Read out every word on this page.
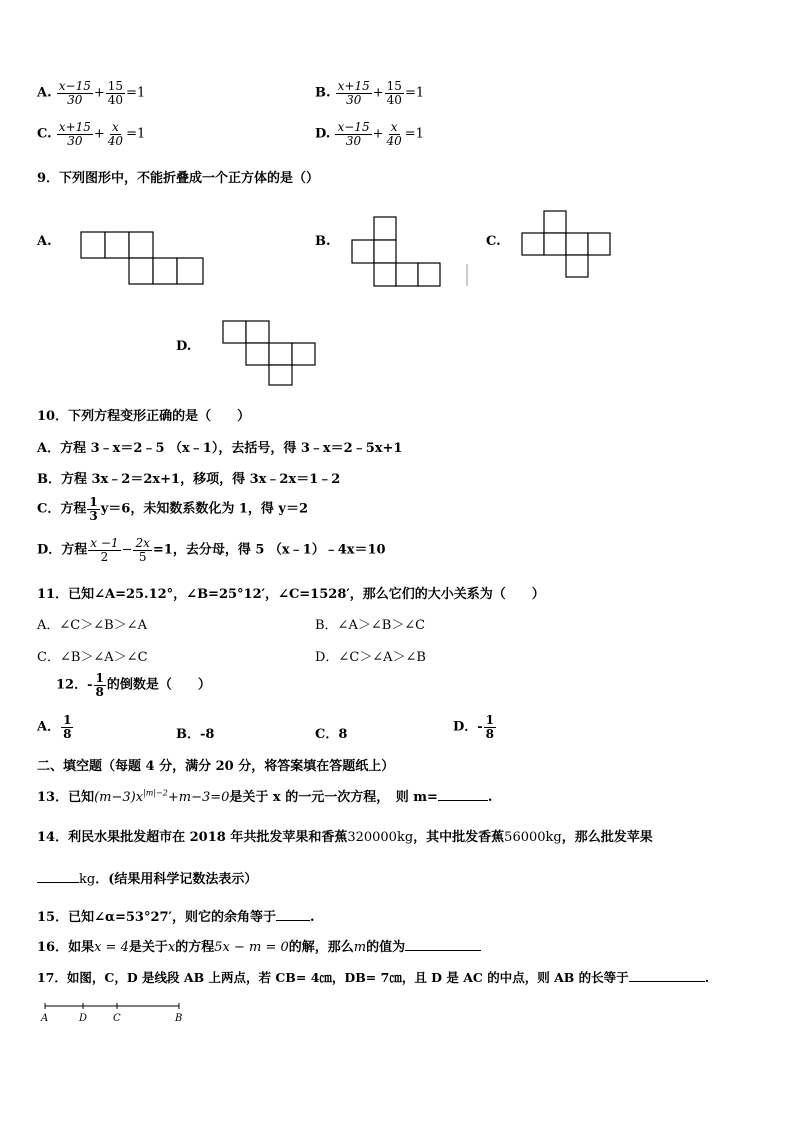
A. $\frac{x-15}{30} + \frac{15}{40} =1$	B. $\frac{x+15}{30} + \frac{15}{40} =1$
C. $\frac{x+15}{30} + \frac{x}{40} =1$	D. $\frac{x-15}{30} + \frac{x}{40} =1$
9．下列图形中，不能折叠成一个正方体的是（）
A.	B.	C.
D.
10．下列方程变形正确的是（　　）
A．方程 3﹣x＝2﹣5 （x﹣1），去括号，得 3﹣x＝2﹣5x+1
B．方程 3x﹣2＝2x+1，移项，得 3x﹣2x＝1﹣2
C．方程 $\frac{1}{3} y=6$，未知数系数化为 1，得 y＝2
D．方程 $\frac{x -1}{2} - \frac{2x}{5} =1$，去分母，得 5 （x﹣1）﹣4x＝10
11．已知∠A=25.12°，∠B=25°12′，∠C=1528′，那么它们的大小关系为（　　）
A．∠C＞∠B＞∠A	B．∠A＞∠B＞∠C
C．∠B＞∠A＞∠C	D．∠C＞∠A＞∠B
12．- $\frac{1}{8}$ 的倒数是（　　）
A． $\frac{1}{8}$	B．-8	C．8	D．- $\frac{1}{8}$
二、填空题（每题 4 分，满分 20 分，将答案填在答题纸上）
13．已知$(m-3)x^{|m|-2}+m-3=0$是关于 x 的一元一次方程，　则 m=	.
14．利民水果批发超市在 2018 年共批发苹果和香蕉320000kg，其中批发香蕉56000kg，那么批发苹果
kg．(结果用科学记数法表示）
15．已知∠α=53°27′，则它的余角等于	.
16．如果x = 4是关于x的方程5x − m = 0的解，那么m的值为
17．如图，C，D 是线段 AB 上两点，若 CB= 4㎝，DB= 7㎝，且 D 是 AC 的中点，则 AB 的长等于	.
A	D	C	B
